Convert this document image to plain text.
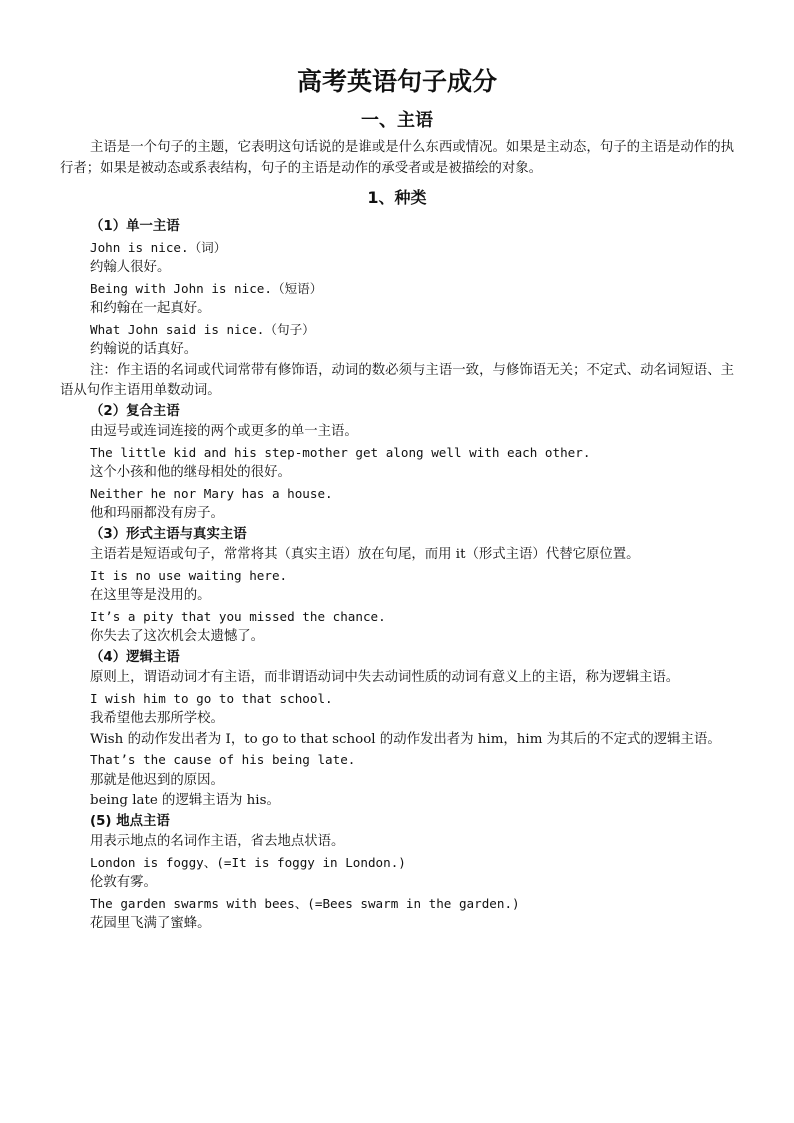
高考英语句子成分
一、主语

主语是一个句子的主题，它表明这句话说的是谁或是什么东西或情况。如果是主动态，句子的主语是动作的执行者；如果是被动态或系表结构，句子的主语是动作的承受者或是被描绘的对象。

1、种类
（1）单一主语
John is nice.（词）
约翰人很好。
Being with John is nice.（短语）
和约翰在一起真好。
What John said is nice.（句子）
约翰说的话真好。

注：作主语的名词或代词常带有修饰语，动词的数必须与主语一致，与修饰语无关；不定式、动名词短语、主语从句作主语用单数动词。

（2）复合主语
由逗号或连词连接的两个或更多的单一主语。
The little kid and his step-mother get along well with each other.
这个小孩和他的继母相处的很好。
Neither he nor Mary has a house.
他和玛丽都没有房子。
（3）形式主语与真实主语
主语若是短语或句子，常常将其（真实主语）放在句尾，而用 it（形式主语）代替它原位置。
It is no use waiting here.
在这里等是没用的。
It’s a pity that you missed the chance.
你失去了这次机会太遗憾了。
（4）逻辑主语

原则上，谓语动词才有主语，而非谓语动词中失去动词性质的动词有意义上的主语，称为逻辑主语。

I wish him to go to that school.
我希望他去那所学校。

Wish 的动作发出者为 I，to go to that school 的动作发出者为 him，him 为其后的不定式的逻辑主语。

That’s the cause of his being late.
那就是他迟到的原因。
being late 的逻辑主语为 his。
(5) 地点主语
用表示地点的名词作主语，省去地点状语。
London is foggy、(=It is foggy in London.)
伦敦有雾。
The garden swarms with bees、(=Bees swarm in the garden.)
花园里飞满了蜜蜂。
